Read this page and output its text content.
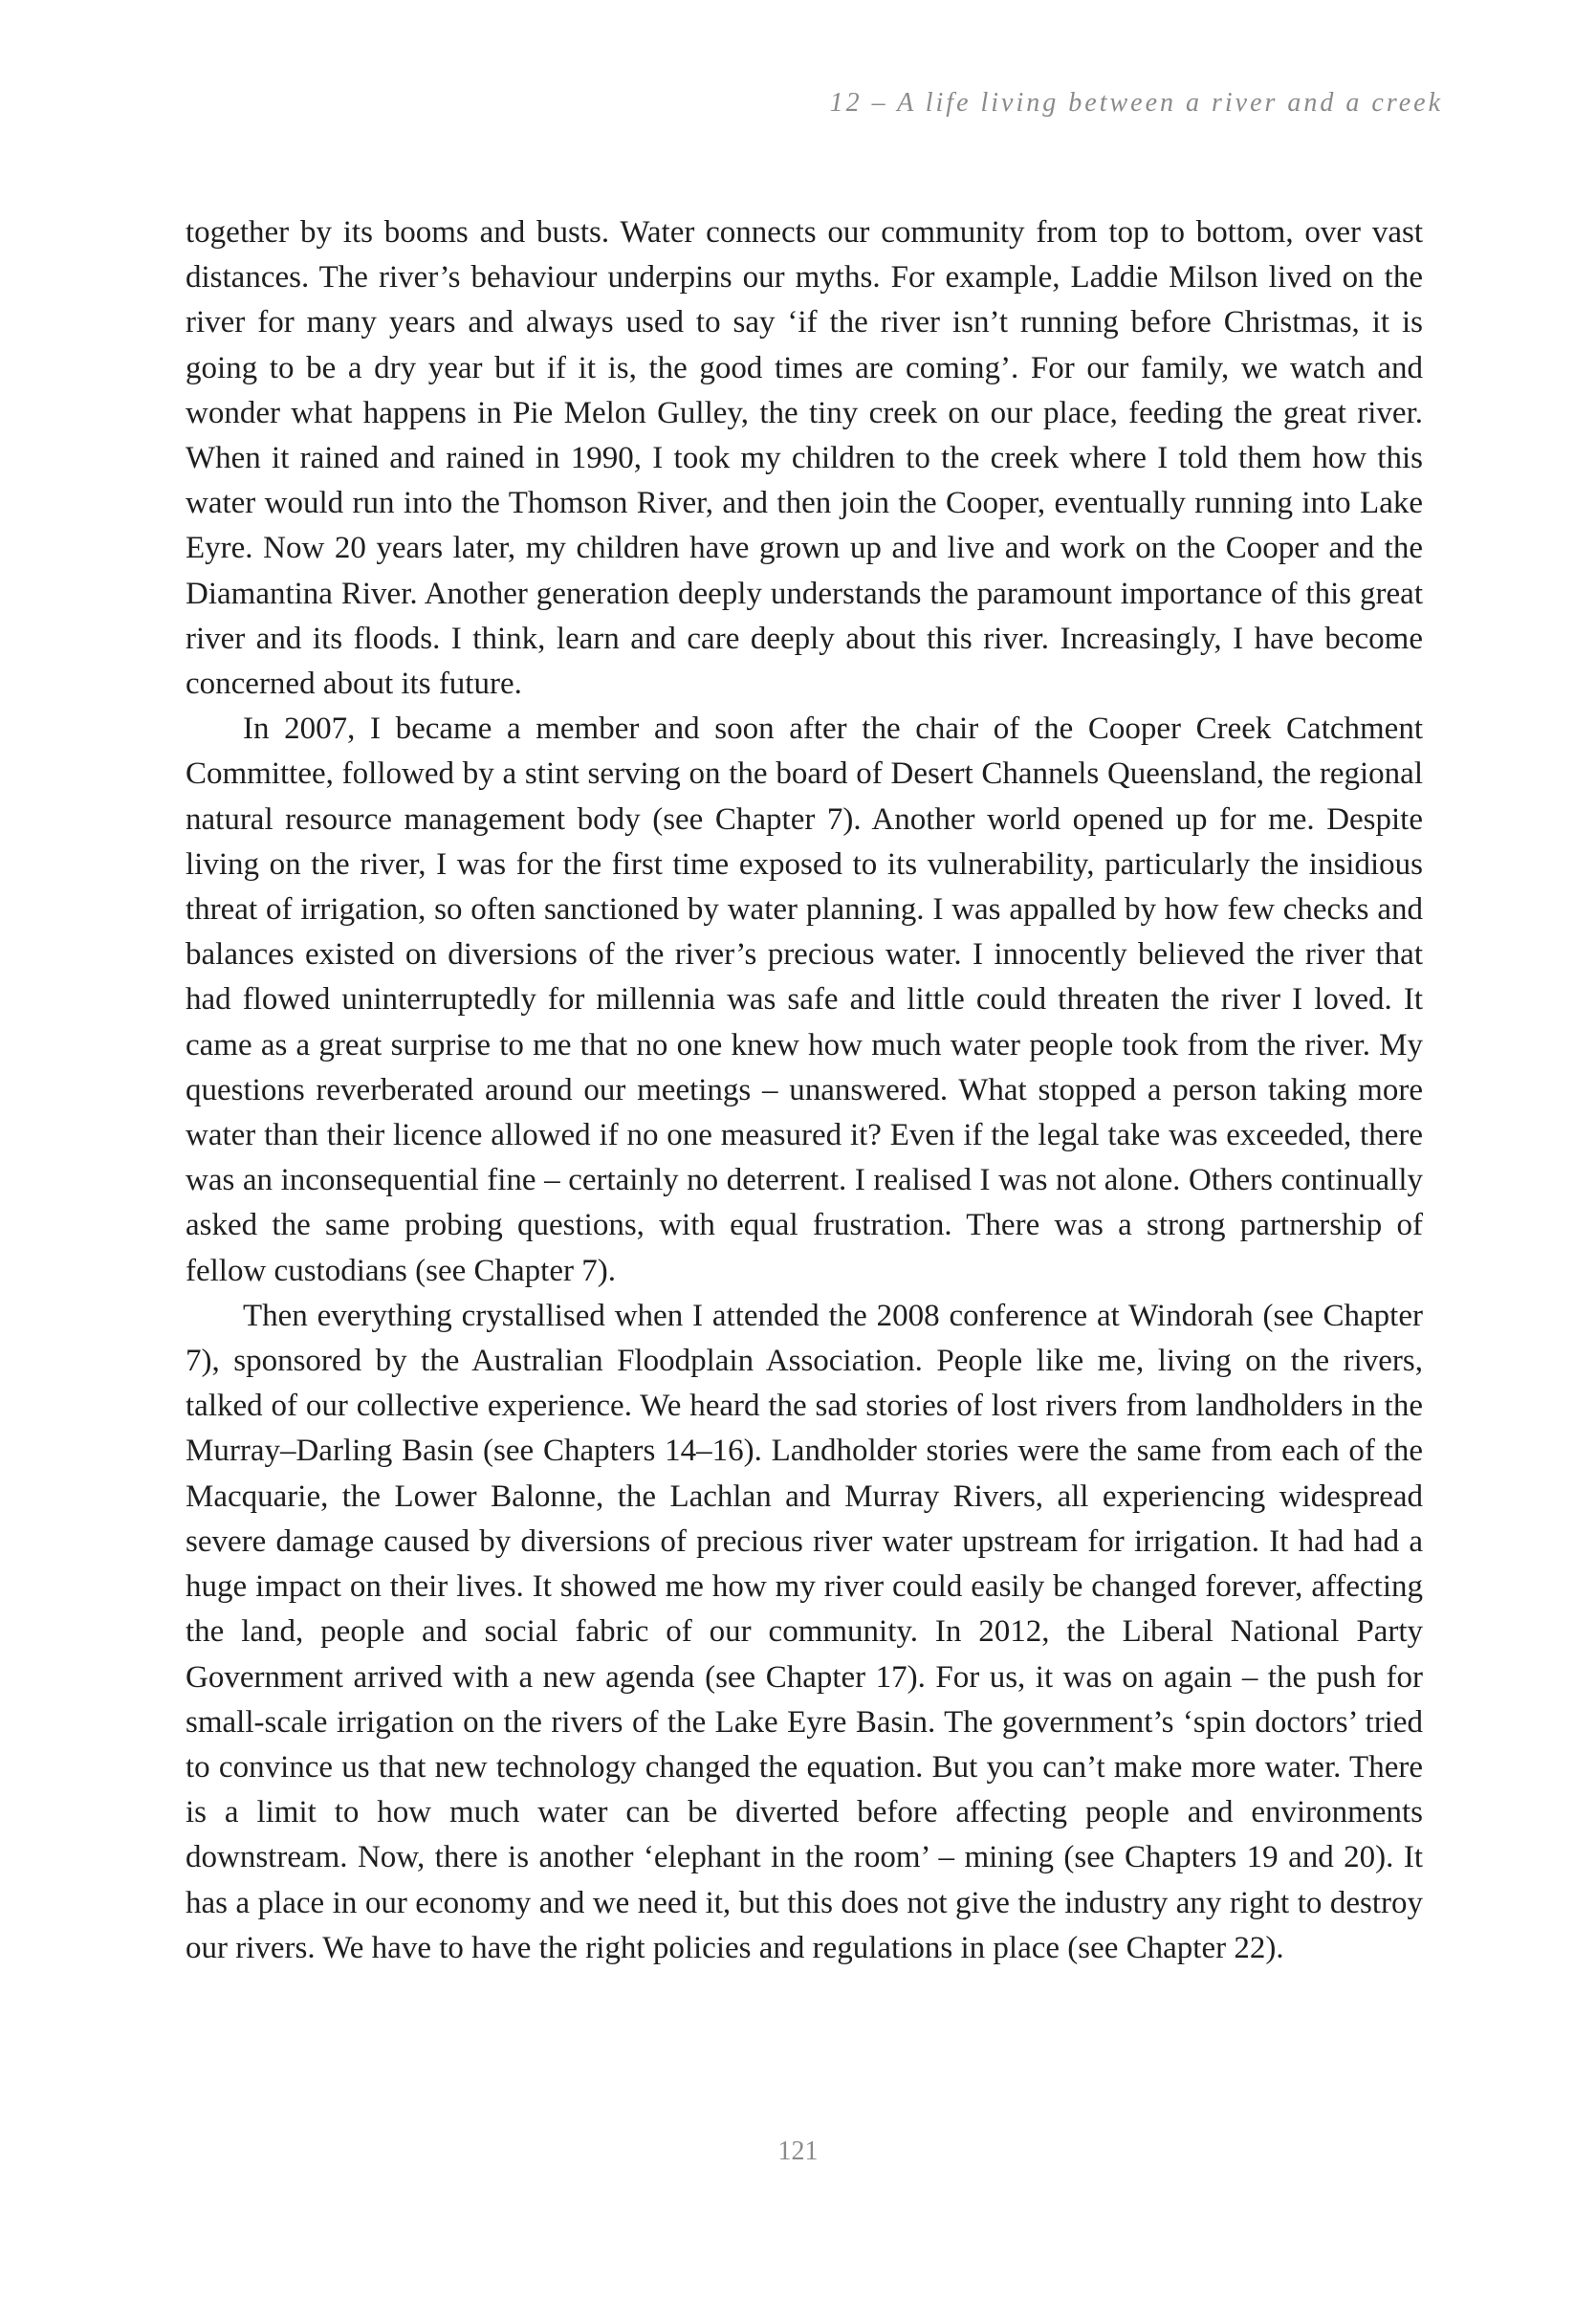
12 – A life living between a river and a creek

together by its booms and busts. Water connects our community from top to bottom, over vast distances. The river’s behaviour underpins our myths. For example, Laddie Milson lived on the river for many years and always used to say ‘if the river isn’t running before Christmas, it is going to be a dry year but if it is, the good times are coming’. For our family, we watch and wonder what happens in Pie Melon Gulley, the tiny creek on our place, feeding the great river. When it rained and rained in 1990, I took my children to the creek where I told them how this water would run into the Thomson River, and then join the Cooper, eventually running into Lake Eyre. Now 20 years later, my children have grown up and live and work on the Cooper and the Diamantina River. Another generation deeply understands the paramount importance of this great river and its floods. I think, learn and care deeply about this river. Increasingly, I have become concerned about its future.

In 2007, I became a member and soon after the chair of the Cooper Creek Catchment Committee, followed by a stint serving on the board of Desert Channels Queensland, the regional natural resource management body (see Chapter 7). Another world opened up for me. Despite living on the river, I was for the first time exposed to its vulnerability, particularly the insidious threat of irrigation, so often sanctioned by water planning. I was appalled by how few checks and balances existed on diversions of the river’s precious water. I innocently believed the river that had flowed uninterruptedly for millennia was safe and little could threaten the river I loved. It came as a great surprise to me that no one knew how much water people took from the river. My questions reverberated around our meetings – unanswered. What stopped a person taking more water than their licence allowed if no one measured it? Even if the legal take was exceeded, there was an inconsequential fine – certainly no deterrent. I realised I was not alone. Others continually asked the same probing questions, with equal frustration. There was a strong partnership of fellow custodians (see Chapter 7).

Then everything crystallised when I attended the 2008 conference at Windorah (see Chapter 7), sponsored by the Australian Floodplain Association. People like me, living on the rivers, talked of our collective experience. We heard the sad stories of lost rivers from landholders in the Murray–Darling Basin (see Chapters 14–16). Landholder stories were the same from each of the Macquarie, the Lower Balonne, the Lachlan and Murray Rivers, all experiencing widespread severe damage caused by diversions of precious river water upstream for irrigation. It had had a huge impact on their lives. It showed me how my river could easily be changed forever, affecting the land, people and social fabric of our community. In 2012, the Liberal National Party Government arrived with a new agenda (see Chapter 17). For us, it was on again – the push for small-scale irrigation on the rivers of the Lake Eyre Basin. The government’s ‘spin doctors’ tried to convince us that new technology changed the equation. But you can’t make more water. There is a limit to how much water can be diverted before affecting people and environments downstream. Now, there is another ‘elephant in the room’ – mining (see Chapters 19 and 20). It has a place in our economy and we need it, but this does not give the industry any right to destroy our rivers. We have to have the right policies and regulations in place (see Chapter 22).

121
